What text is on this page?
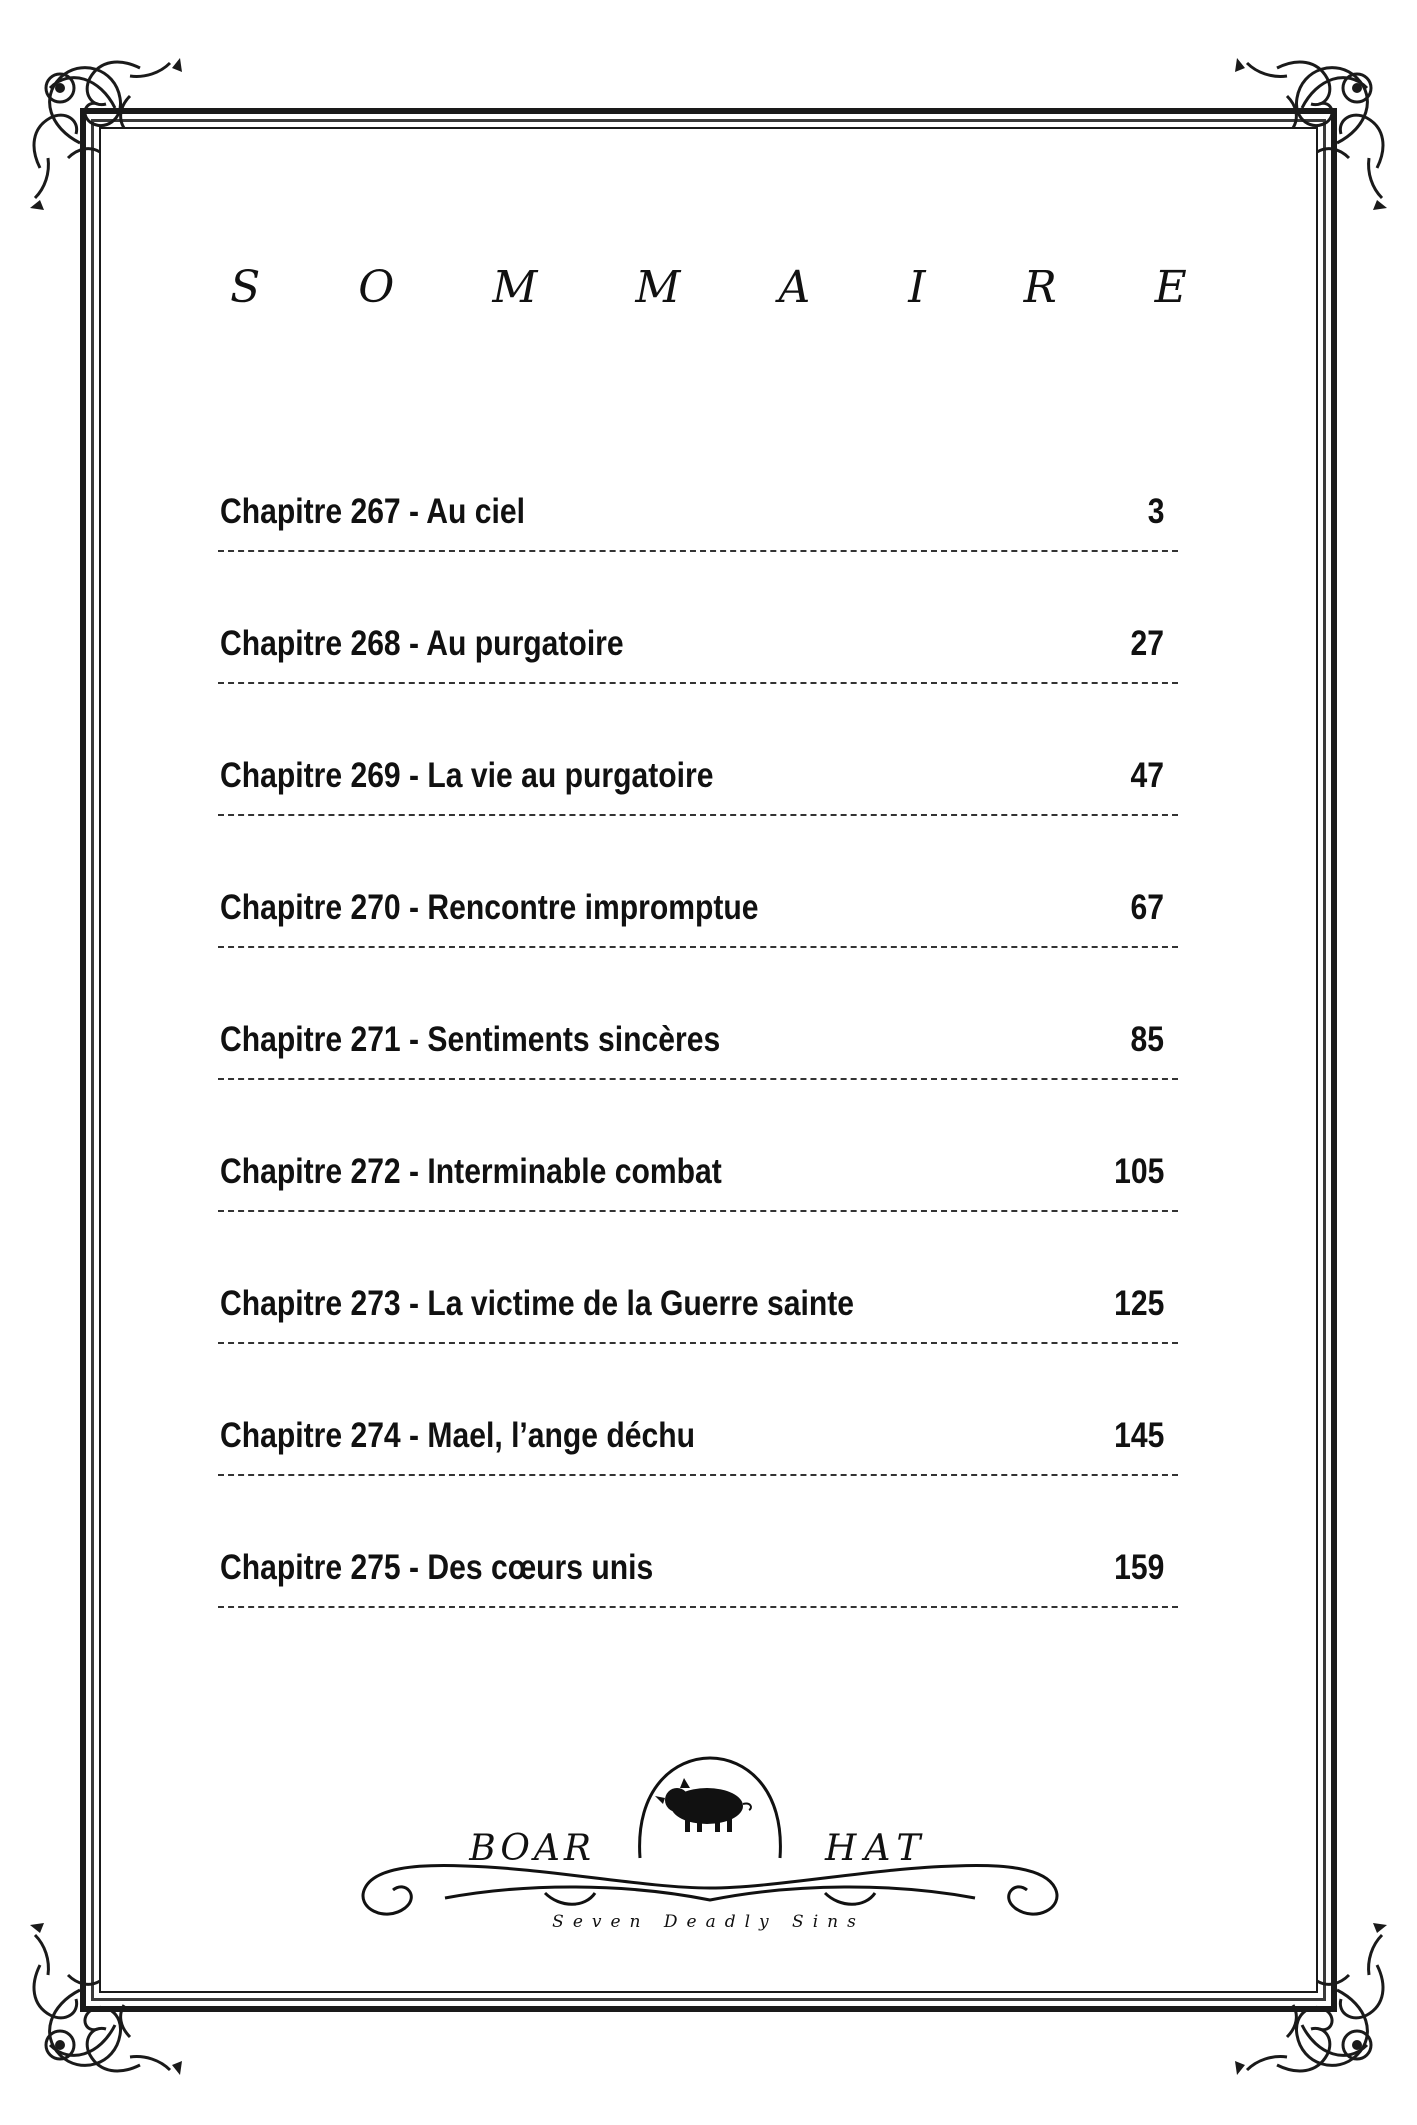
S O M M A I R E
Chapitre 267 - Au ciel	3
Chapitre 268 - Au purgatoire	27
Chapitre 269 - La vie au purgatoire	47
Chapitre 270 - Rencontre impromptue	67
Chapitre 271 - Sentiments sincères	85
Chapitre 272 - Interminable combat	105
Chapitre 273 - La victime de la Guerre sainte	125
Chapitre 274 - Mael, l’ange déchu	145
Chapitre 275 - Des cœurs unis	159
BOAR	HAT
Seven Deadly Sins
